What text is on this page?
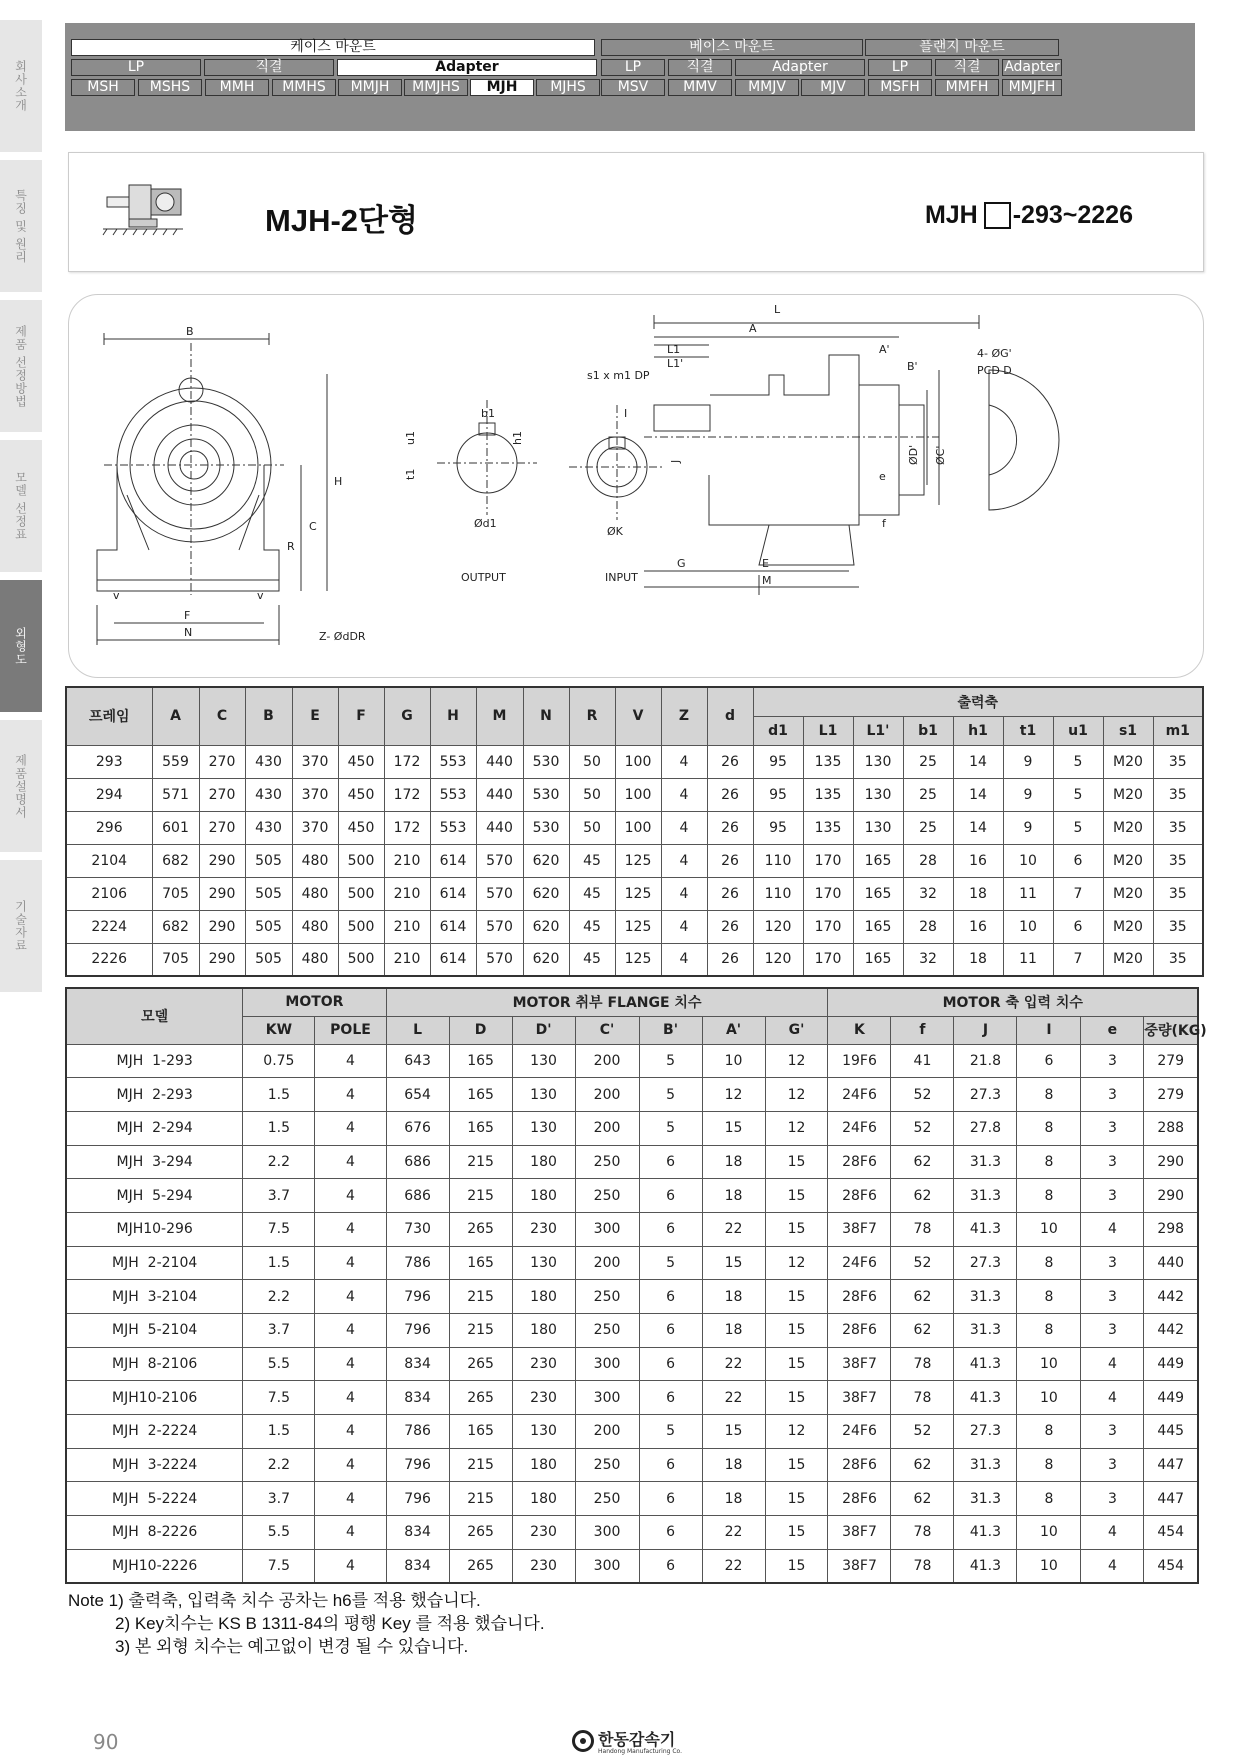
회사소개
특징 및 원리
제품 선정방법
모델 선정표
외형도
제품설명서
기술자료
케이스 마운트	베이스 마운트	플랜지 마운트
LP	직결	Adapter	LP	직결	Adapter	LP	직결	Adapter
MSH	MSHS	MMH	MMHS	MMJH	MMJHS	MJH	MJHS	MSV	MMV	MMJV	MJV	MSFH	MMFH	MMJFH
MJH-2단형	MJH -293~2226
B
H
C
R
v	v
F
N	Z- ØdDR
u1
t1
b1
h1
Ød1
OUTPUT
s1 x m1 DP
I
J
ØK
INPUT
L
A
L1
L1'
A'
B'
ØD' ØC'
e
f
G	E
M
4- ØG'
PCD D
프레임	A	C	B	E	F	G	H	M	N	R	V	Z	d	출력축								
														d1	L1	L1'	b1	h1	t1	u1	s1	m1
293	559	270	430	370	450	172	553	440	530	50	100	4	26	95	135	130	25	14	9	5	M20	35
294	571	270	430	370	450	172	553	440	530	50	100	4	26	95	135	130	25	14	9	5	M20	35
296	601	270	430	370	450	172	553	440	530	50	100	4	26	95	135	130	25	14	9	5	M20	35
2104	682	290	505	480	500	210	614	570	620	45	125	4	26	110	170	165	28	16	10	6	M20	35
2106	705	290	505	480	500	210	614	570	620	45	125	4	26	110	170	165	32	18	11	7	M20	35
2224	682	290	505	480	500	210	614	570	620	45	125	4	26	120	170	165	28	16	10	6	M20	35
2226	705	290	505	480	500	210	614	570	620	45	125	4	26	120	170	165	32	18	11	7	M20	35
모델	MOTOR		MOTOR 취부 FLANGE 치수							MOTOR 축 입력 치수					
	KW	POLE	L	D	D'	C'	B'	A'	G'	K	f	J	I	e	중량(KG)
MJH  1-293	0.75	4	643	165	130	200	5	10	12	19F6	41	21.8	6	3	279
MJH  2-293	1.5	4	654	165	130	200	5	12	12	24F6	52	27.3	8	3	279
MJH  2-294	1.5	4	676	165	130	200	5	15	12	24F6	52	27.8	8	3	288
MJH  3-294	2.2	4	686	215	180	250	6	18	15	28F6	62	31.3	8	3	290
MJH  5-294	3.7	4	686	215	180	250	6	18	15	28F6	62	31.3	8	3	290
MJH10-296	7.5	4	730	265	230	300	6	22	15	38F7	78	41.3	10	4	298
MJH  2-2104	1.5	4	786	165	130	200	5	15	12	24F6	52	27.3	8	3	440
MJH  3-2104	2.2	4	796	215	180	250	6	18	15	28F6	62	31.3	8	3	442
MJH  5-2104	3.7	4	796	215	180	250	6	18	15	28F6	62	31.3	8	3	442
MJH  8-2106	5.5	4	834	265	230	300	6	22	15	38F7	78	41.3	10	4	449
MJH10-2106	7.5	4	834	265	230	300	6	22	15	38F7	78	41.3	10	4	449
MJH  2-2224	1.5	4	786	165	130	200	5	15	12	24F6	52	27.3	8	3	445
MJH  3-2224	2.2	4	796	215	180	250	6	18	15	28F6	62	31.3	8	3	447
MJH  5-2224	3.7	4	796	215	180	250	6	18	15	28F6	62	31.3	8	3	447
MJH  8-2226	5.5	4	834	265	230	300	6	22	15	38F7	78	41.3	10	4	454
MJH10-2226	7.5	4	834	265	230	300	6	22	15	38F7	78	41.3	10	4	454
Note 1) 출력축, 입력축 치수 공차는 h6를 적용 했습니다.
2) Key치수는 KS B 1311-84의 평행 Key 를 적용 했습니다.
3) 본 외형 치수는 예고없이 변경 될 수 있습니다.
90	한동감속기
Handong Manufacturing Co.
